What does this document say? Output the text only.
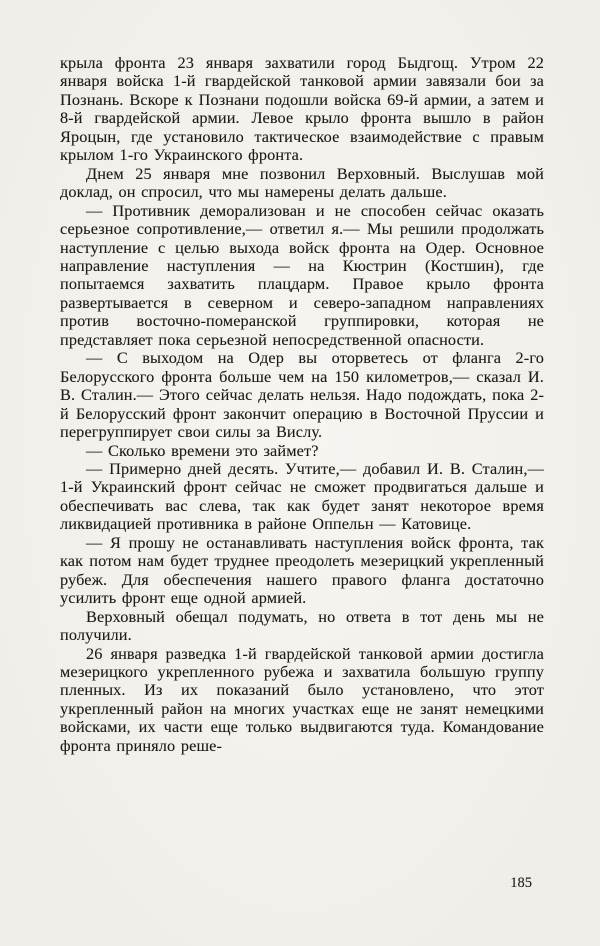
крыла фронта 23 января захватили город Быдгощ. Утром 22 января войска 1-й гвардейской танковой армии завязали бои за Познань. Вскоре к Познани подошли войска 69-й армии, а затем и 8-й гвардейской армии. Левое крыло фронта вышло в район Яроцын, где установило тактическое взаимодействие с правым крылом 1-го Украинского фронта.

Днем 25 января мне позвонил Верховный. Выслушав мой доклад, он спросил, что мы намерены делать дальше.

— Противник деморализован и не способен сейчас оказать серьезное сопротивление,— ответил я.— Мы решили продолжать наступление с целью выхода войск фронта на Одер. Основное направление наступления — на Кюстрин (Костшин), где попытаемся захватить плацдарм. Правое крыло фронта развертывается в северном и северо-западном направлениях против восточно-померанской группировки, которая не представляет пока серьезной непосредственной опасности.

— С выходом на Одер вы оторветесь от фланга 2-го Белорусского фронта больше чем на 150 километров,— сказал И. В. Сталин.— Этого сейчас делать нельзя. Надо подождать, пока 2-й Белорусский фронт закончит операцию в Восточной Пруссии и перегруппирует свои силы за Вислу.

— Сколько времени это займет?

— Примерно дней десять. Учтите,— добавил И. В. Сталин,— 1-й Украинский фронт сейчас не сможет продвигаться дальше и обеспечивать вас слева, так как будет занят некоторое время ликвидацией противника в районе Оппельн — Катовице.

— Я прошу не останавливать наступления войск фронта, так как потом нам будет труднее преодолеть мезерицкий укрепленный рубеж. Для обеспечения нашего правого фланга достаточно усилить фронт еще одной армией.

Верховный обещал подумать, но ответа в тот день мы не получили.

26 января разведка 1-й гвардейской танковой армии достигла мезерицкого укрепленного рубежа и захватила большую группу пленных. Из их показаний было установлено, что этот укрепленный район на многих участках еще не занят немецкими войсками, их части еще только выдвигаются туда. Командование фронта приняло реше-

185
